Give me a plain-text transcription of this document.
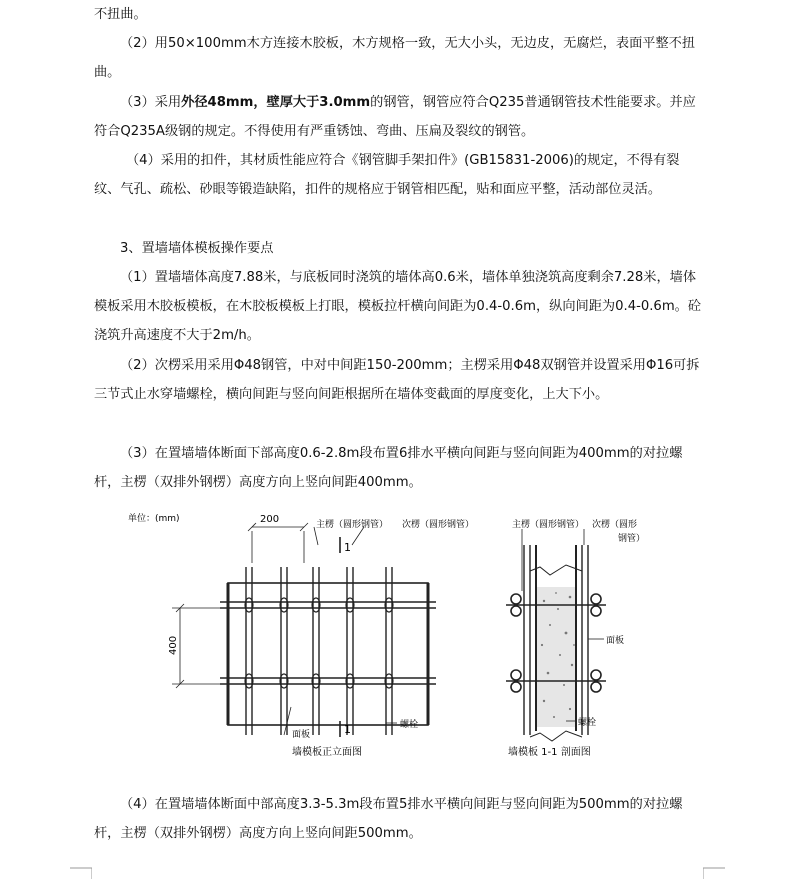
不扭曲。

（2）用50×100mm木方连接木胶板，木方规格一致，无大小头，无边皮，无腐烂，表面平整不扭曲。

（3）采用外径48mm，壁厚大于3.0mm的钢管，钢管应符合Q235普通钢管技术性能要求。并应符合Q235A级钢的规定。不得使用有严重锈蚀、弯曲、压扁及裂纹的钢管。

（4）采用的扣件，其材质性能应符合《钢管脚手架扣件》(GB15831-2006)的规定，不得有裂纹、气孔、疏松、砂眼等锻造缺陷，扣件的规格应于钢管相匹配，贴和面应平整，活动部位灵活。

3、置墙墙体模板操作要点

（1）置墙墙体高度7.88米，与底板同时浇筑的墙体高0.6米，墙体单独浇筑高度剩余7.28米，墙体模板采用木胶板模板，在木胶板模板上打眼，模板拉杆横向间距为0.4-0.6m，纵向间距为0.4-0.6m。砼浇筑升高速度不大于2m/h。

（2）次楞采用采用Φ48钢管，中对中间距150-200mm；主楞采用Φ48双钢管并设置采用Φ16可拆三节式止水穿墙螺栓，横向间距与竖向间距根据所在墙体变截面的厚度变化，上大下小。

（3）在置墙墙体断面下部高度0.6-2.8m段布置6排水平横向间距与竖向间距为400mm的对拉螺杆，主楞（双排外钢楞）高度方向上竖向间距400mm。

单位：(mm)	200
400
主楞（圆形钢管） 次楞（圆形钢管）
1
1
面板
螺栓
墙模板正立面图
主楞（圆形钢管） 次楞（圆形
钢管）
面板
螺栓
墙模板 1-1 剖面图

（4）在置墙墙体断面中部高度3.3-5.3m段布置5排水平横向间距与竖向间距为500mm的对拉螺杆，主楞（双排外钢楞）高度方向上竖向间距500mm。
